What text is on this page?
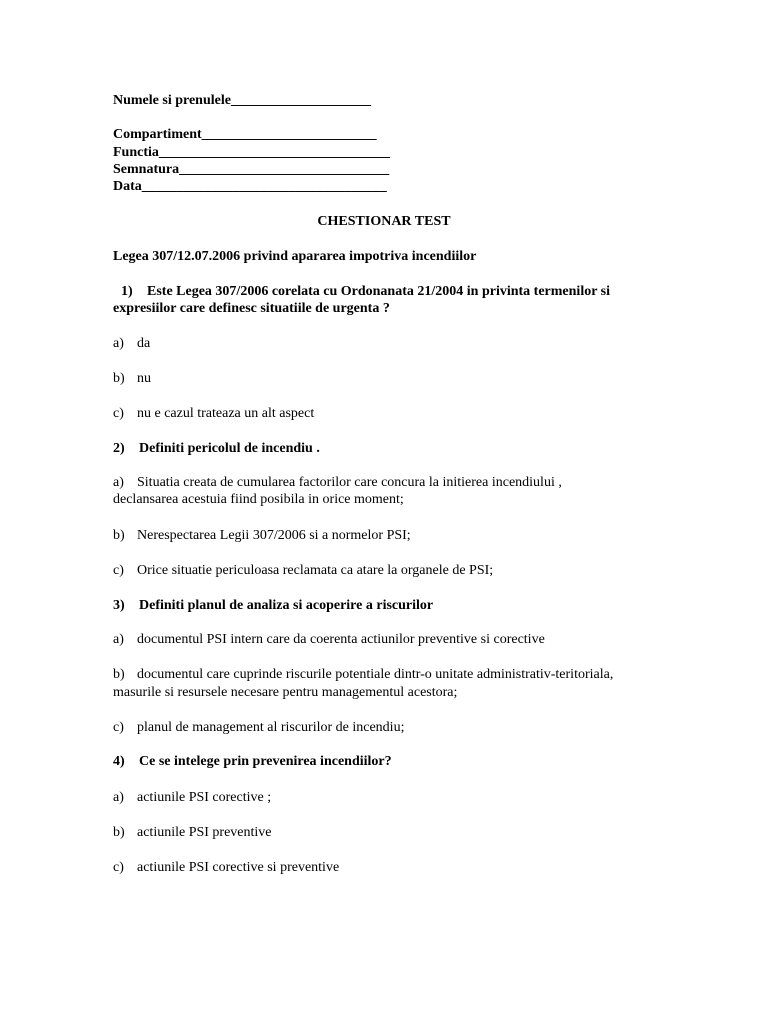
Numele si prenulele____________________
Compartiment_________________________
Functia_________________________________
Semnatura______________________________
Data___________________________________
CHESTIONAR TEST
Legea 307/12.07.2006 privind apararea impotriva incendiilor
1) Este Legea 307/2006 corelata cu Ordonanata 21/2004 in privinta termenilor si
expresiilor care definesc situatiile de urgenta ?
a) da
b) nu
c) nu e cazul trateaza un alt aspect
2) Definiti pericolul de incendiu .
a) Situatia creata de cumularea factorilor care concura la initierea incendiului ,
declansarea acestuia fiind posibila in orice moment;
b) Nerespectarea Legii 307/2006 si a normelor PSI;
c) Orice situatie periculoasa reclamata ca atare la organele de PSI;
3) Definiti planul de analiza si acoperire a riscurilor
a) documentul PSI intern care da coerenta actiunilor preventive si corective
b) documentul care cuprinde riscurile potentiale dintr-o unitate administrativ-teritoriala,
masurile si resursele necesare pentru managementul acestora;
c) planul de management al riscurilor de incendiu;
4) Ce se intelege prin prevenirea incendiilor?
a) actiunile PSI corective ;
b) actiunile PSI preventive
c) actiunile PSI corective si preventive
